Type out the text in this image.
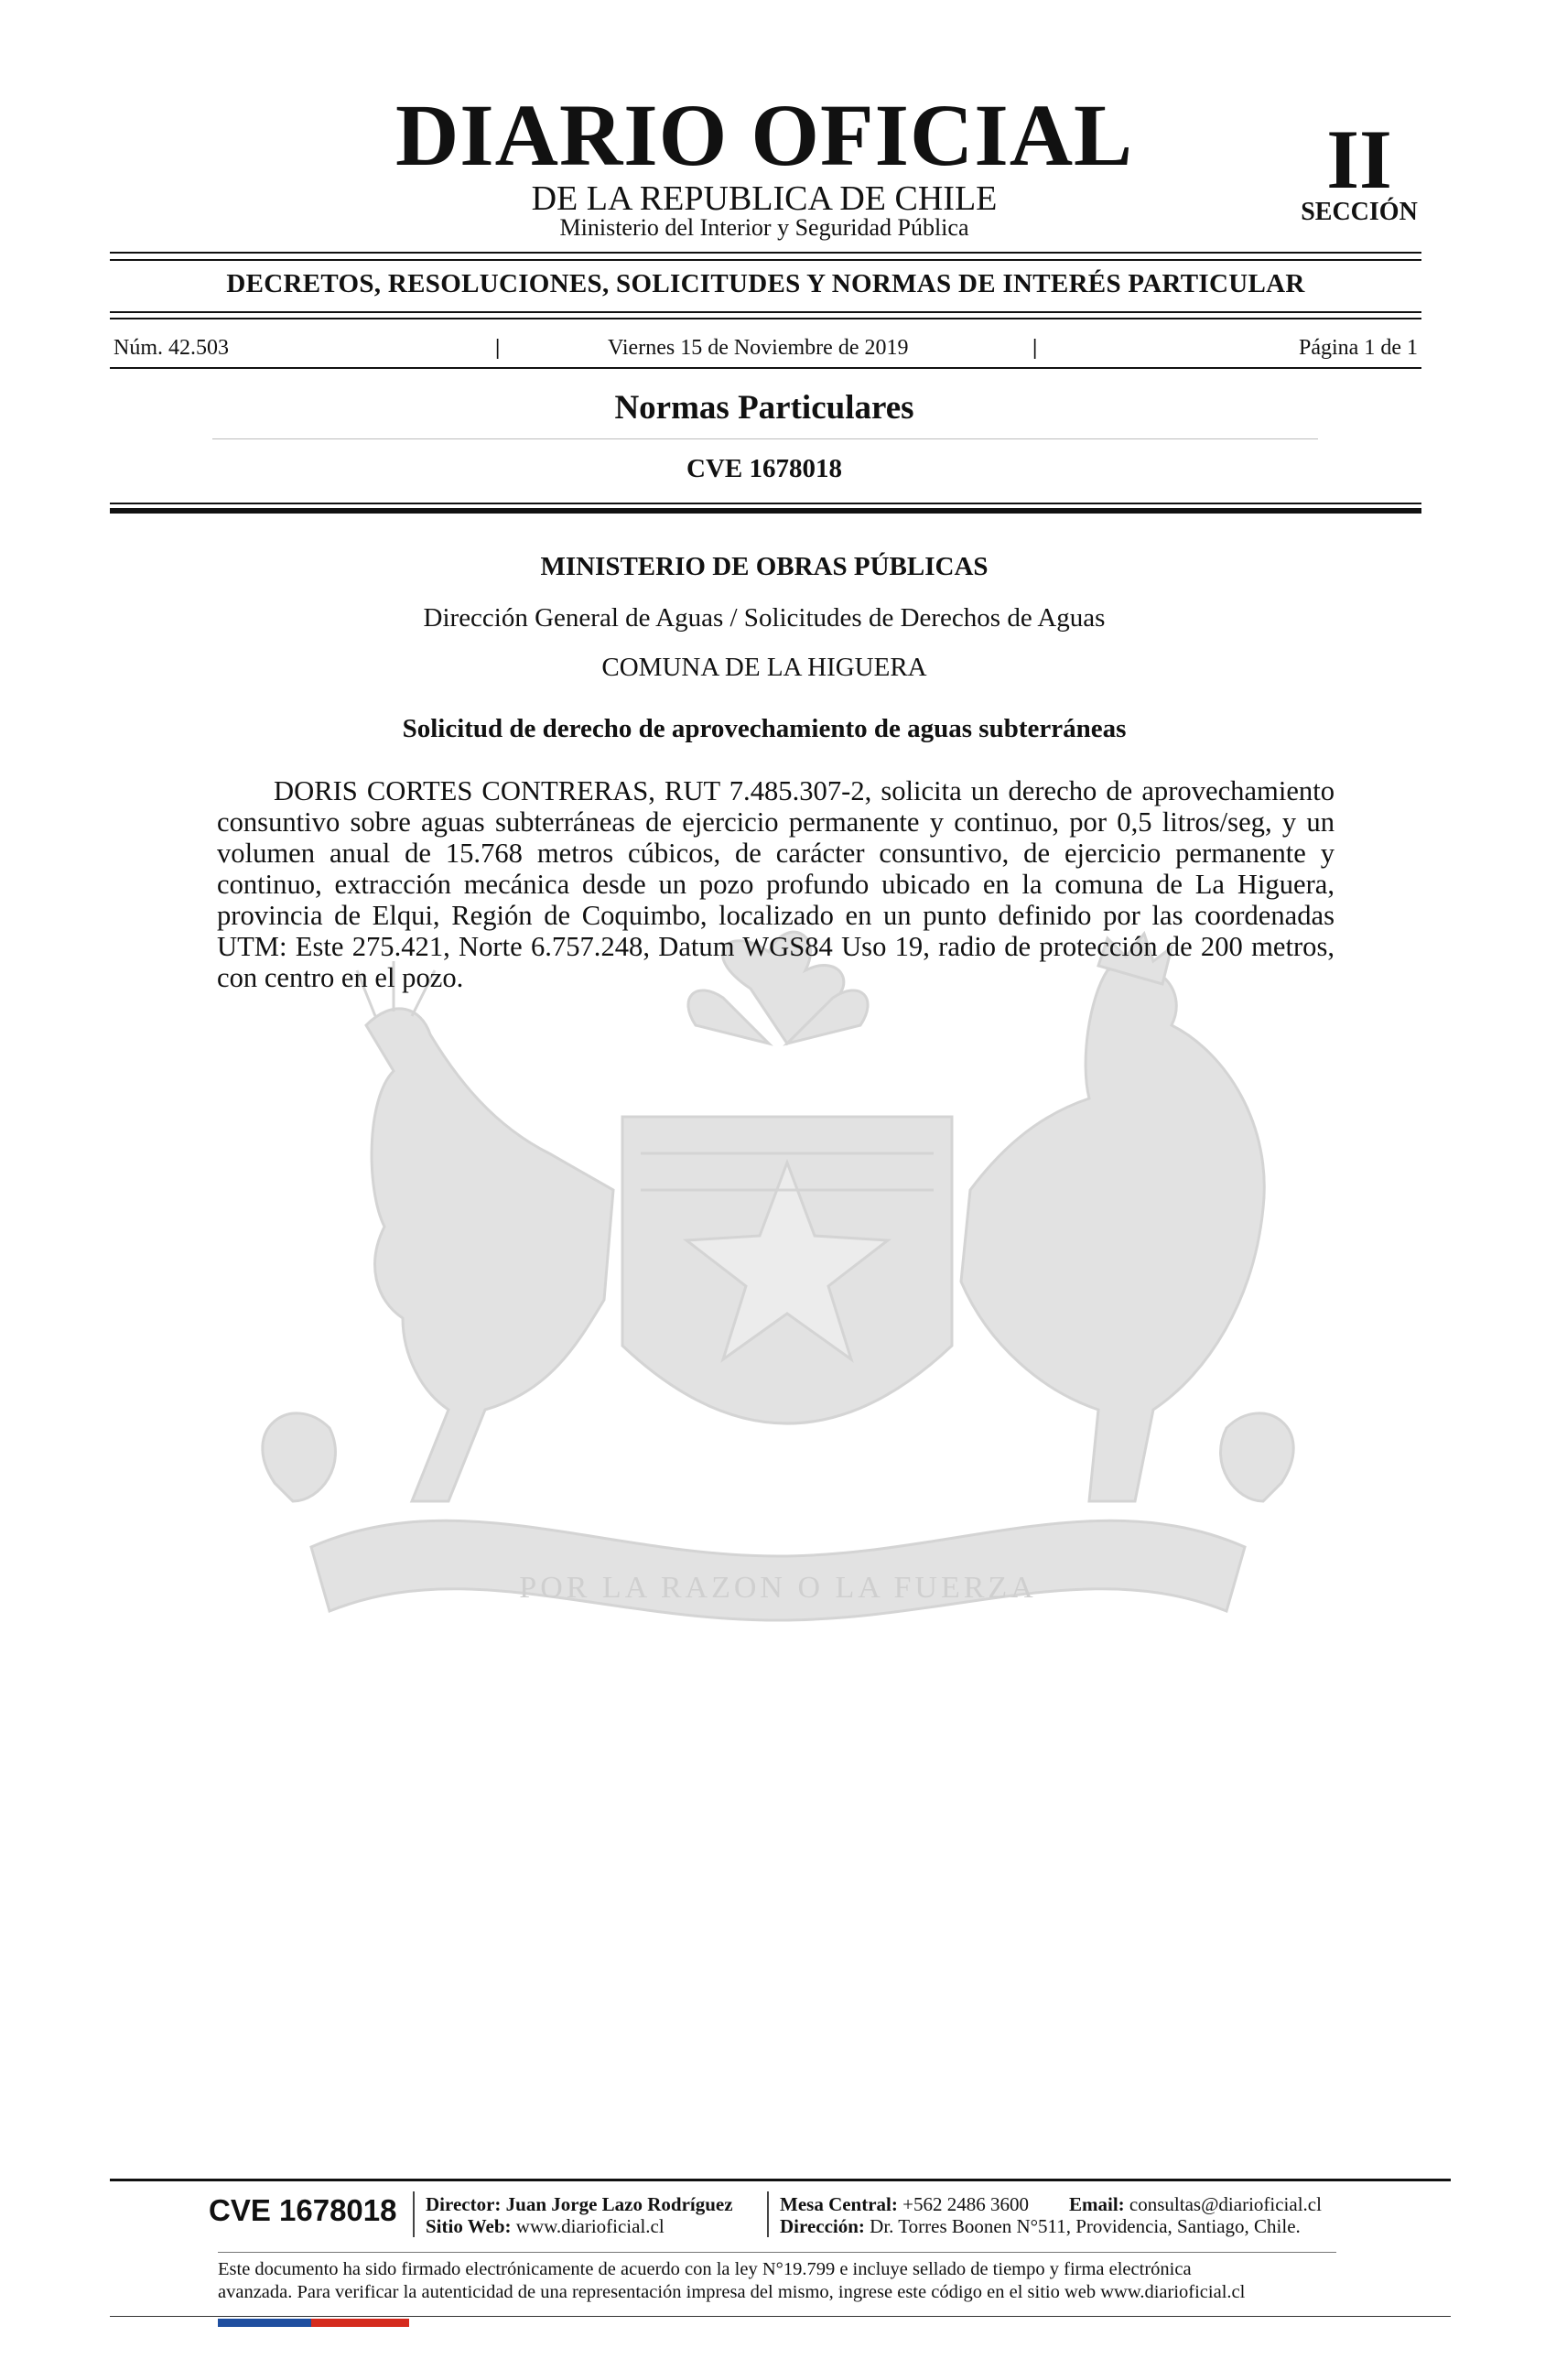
DIARIO OFICIAL
DE LA REPUBLICA DE CHILE
Ministerio del Interior y Seguridad Pública
II
SECCIÓN
DECRETOS, RESOLUCIONES, SOLICITUDES Y NORMAS DE INTERÉS PARTICULAR
Núm. 42.503	|	Viernes 15 de Noviembre de 2019	|	Página 1 de 1
Normas Particulares
CVE 1678018
POR LA RAZON O LA FUERZA
MINISTERIO DE OBRAS PÚBLICAS
Dirección General de Aguas / Solicitudes de Derechos de Aguas
COMUNA DE LA HIGUERA
Solicitud de derecho de aprovechamiento de aguas subterráneas

DORIS CORTES CONTRERAS, RUT 7.485.307-2, solicita un derecho de aprovechamiento consuntivo sobre aguas subterráneas de ejercicio permanente y continuo, por 0,5 litros/seg, y un volumen anual de 15.768 metros cúbicos, de carácter consuntivo, de ejercicio permanente y continuo, extracción mecánica desde un pozo profundo ubicado en la comuna de La Higuera, provincia de Elqui, Región de Coquimbo, localizado en un punto definido por las coordenadas UTM: Este 275.421, Norte 6.757.248, Datum WGS84 Uso 19, radio de protección de 200 metros, con centro en el pozo.

CVE 1678018 Director: Juan Jorge Lazo Rodríguez
Sitio Web: www.diarioficial.cl
Mesa Central: +562 2486 3600 Email: consultas@diarioficial.cl
Dirección: Dr. Torres Boonen N°511, Providencia, Santiago, Chile.

Este documento ha sido firmado electrónicamente de acuerdo con la ley N°19.799 e incluye sellado de tiempo y firma electrónica
avanzada. Para verificar la autenticidad de una representación impresa del mismo, ingrese este código en el sitio web www.diarioficial.cl
